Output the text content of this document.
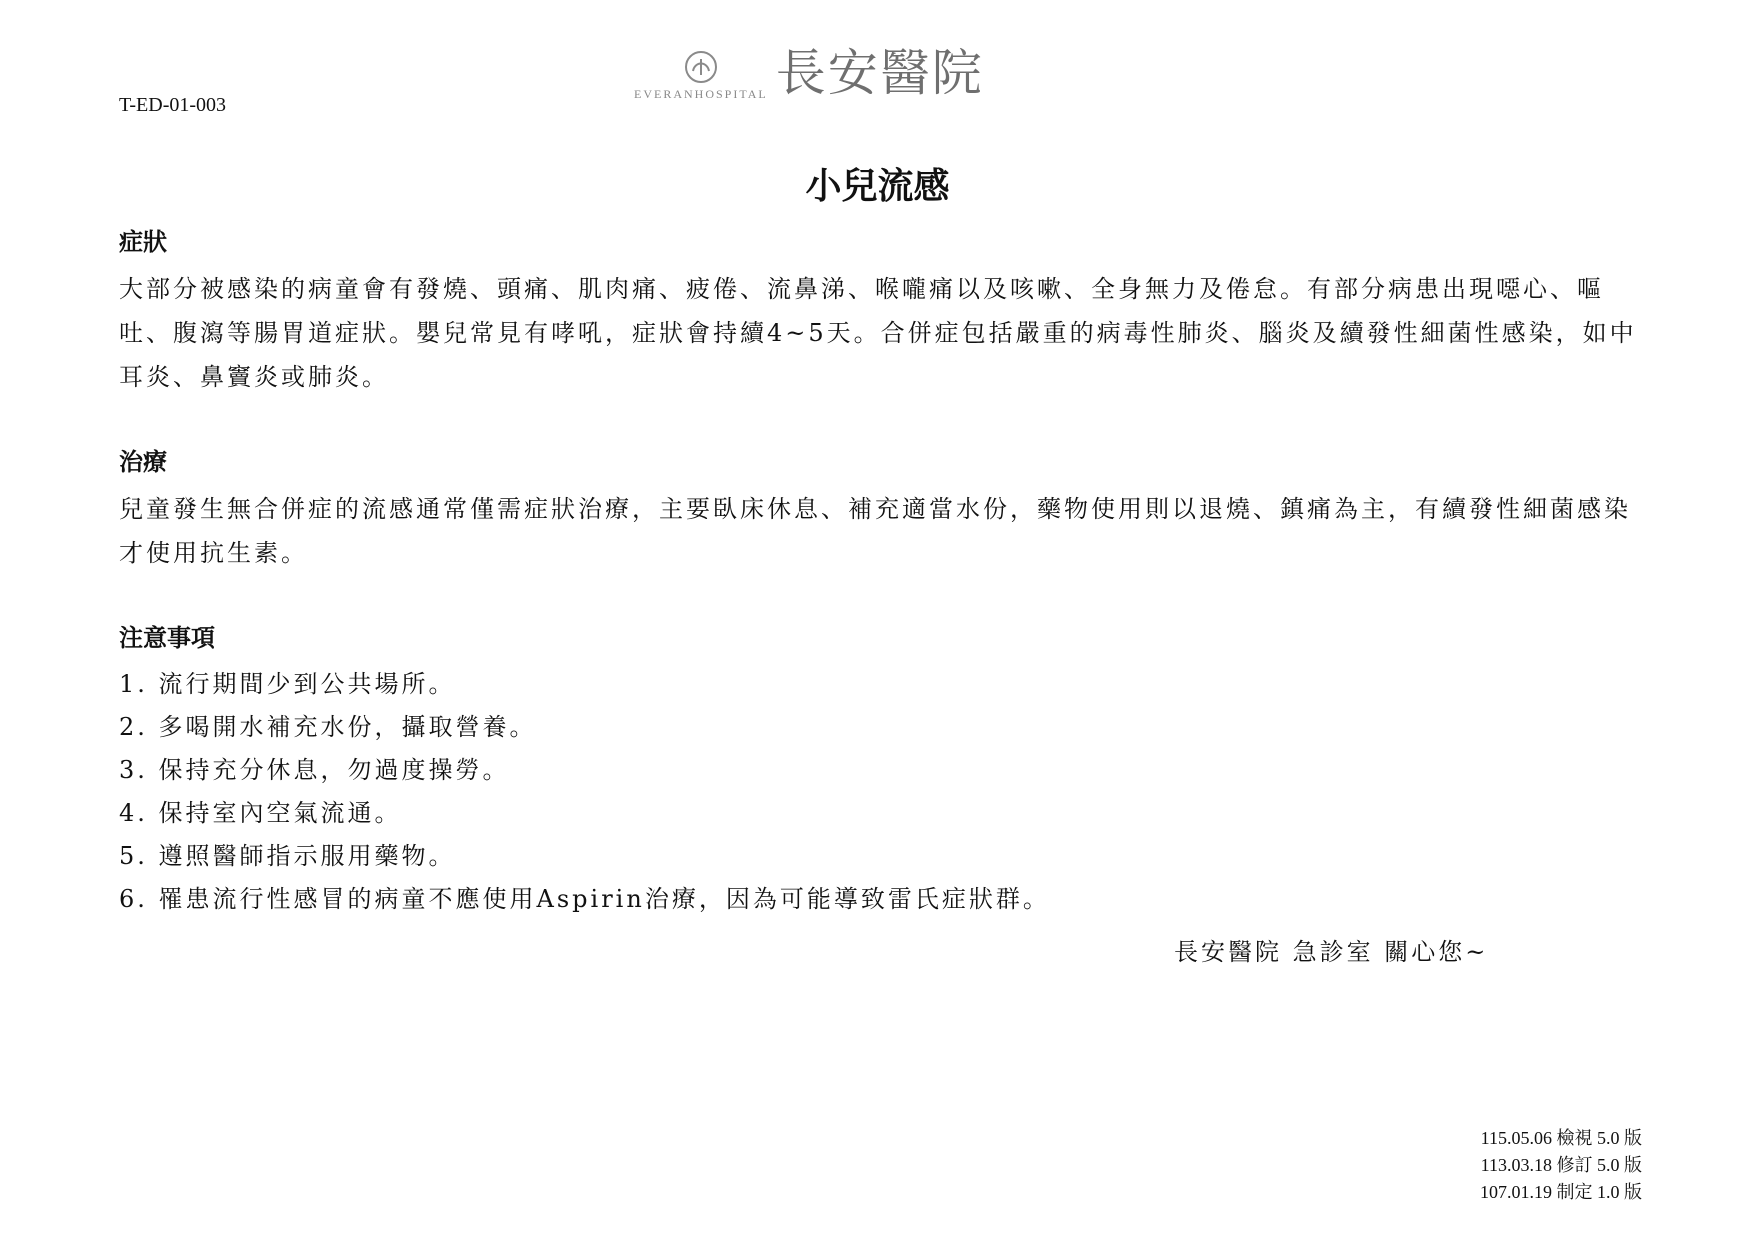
T-ED-01-003	EVERANHOSPITAL 長安醫院
小兒流感
症狀

大部分被感染的病童會有發燒、頭痛、肌肉痛、疲倦、流鼻涕、喉嚨痛以及咳嗽、全身無力及倦怠。有部分病患出現噁心、嘔吐、腹瀉等腸胃道症狀。嬰兒常見有哮吼，症狀會持續4~5天。合併症包括嚴重的病毒性肺炎、腦炎及續發性細菌性感染，如中耳炎、鼻竇炎或肺炎。

治療

兒童發生無合併症的流感通常僅需症狀治療，主要臥床休息、補充適當水份，藥物使用則以退燒、鎮痛為主，有續發性細菌感染才使用抗生素。

注意事項
1. 流行期間少到公共場所。
2. 多喝開水補充水份，攝取營養。
3. 保持充分休息，勿過度操勞。
4. 保持室內空氣流通。
5. 遵照醫師指示服用藥物。
6. 罹患流行性感冒的病童不應使用Aspirin治療，因為可能導致雷氏症狀群。
長安醫院 急診室 關心您~
115.05.06 檢視 5.0 版
113.03.18 修訂 5.0 版
107.01.19 制定 1.0 版
